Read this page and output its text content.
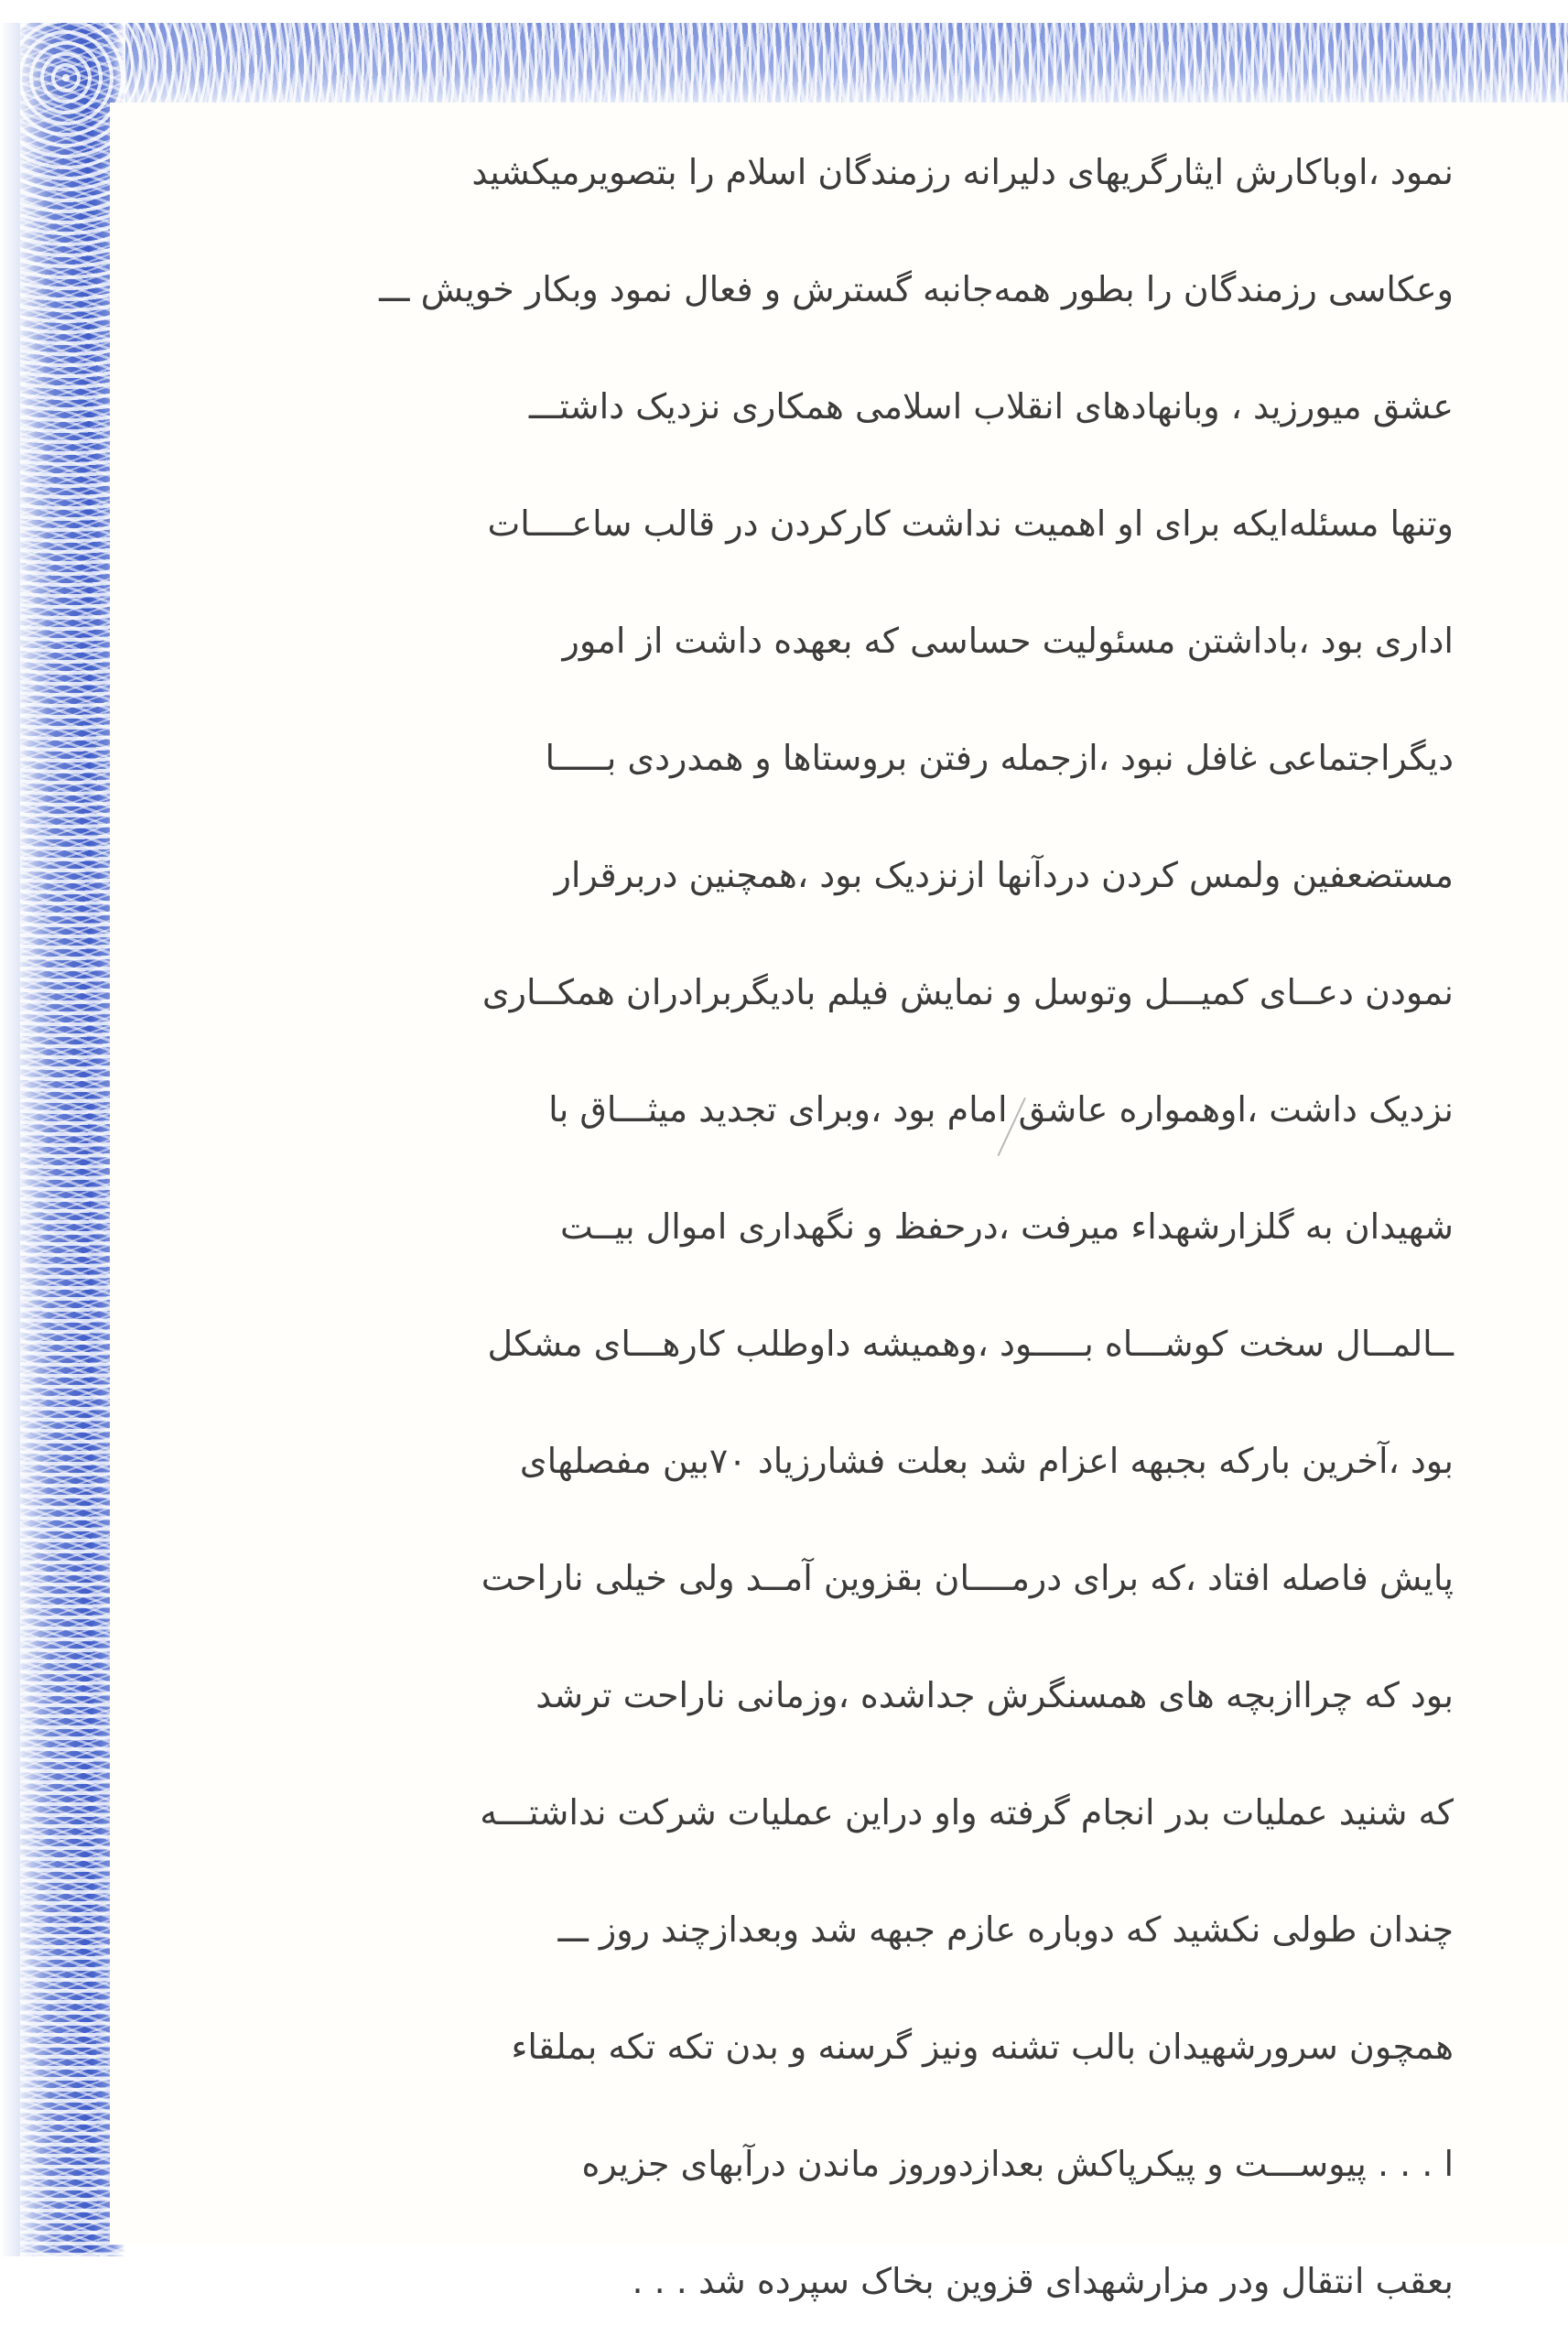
نمود ،اوباکارش ایثارگریهای دلیرانه رزمندگان اسلام را بتصویرمیکشید
وعکاسی رزمندگان را بطور همه‌جانبه گسترش و فعال نمود وبکار خویش ـــ
عشق میورزید ، وبانهادهای انقلاب اسلامی همکاری نزدیک داشتـــ
وتنها مسئله‌ایکه برای او اهمیت نداشت کارکردن در قالب ساعــــات
اداری بود ،باداشتن مسئولیت حساسی که بعهده داشت از امور
دیگراجتماعی غافل نبود ،ازجمله رفتن بروستاها و همدردی بـــــا
مستضعفین ولمس کردن دردآنها ازنزدیک بود ،همچنین دربرقرار
نمودن دعــای کمیـــل وتوسل و نمایش فیلم بادیگربرادران همکــاری
نزدیک داشت ،اوهمواره عاشق امام بود ،وبرای تجدید میثـــاق با
شهیدان به گلزارشهداء میرفت ،درحفظ و نگهداری اموال بیــت
ــالمــال سخت کوشـــاه بـــــود ،وهمیشه داوطلب کارهـــای مشکل
بود ،آخرین بارکه بجبهه اعزام شد بعلت فشارزیاد ۷۰بین مفصلهای
پایش فاصله افتاد ،که برای درمــــان بقزوین آمــد ولی خیلی ناراحت
بود که چراازبچه های همسنگرش جداشده ،وزمانی ناراحت ترشد
که شنید عملیات بدر انجام گرفته واو دراین عملیات شرکت نداشتـــه
چندان طولی نکشید که دوباره عازم جبهه شد وبعدازچند روز ـــ
همچون سرورشهیدان بالب تشنه ونیز گرسنه و بدن تکه تکه بملقاء
ا . . . پیوســـت و پیکرپاکش بعدازدوروز ماندن درآبهای جزیره
بعقب انتقال ودر مزارشهدای قزوین بخاک سپرده شد . . .
